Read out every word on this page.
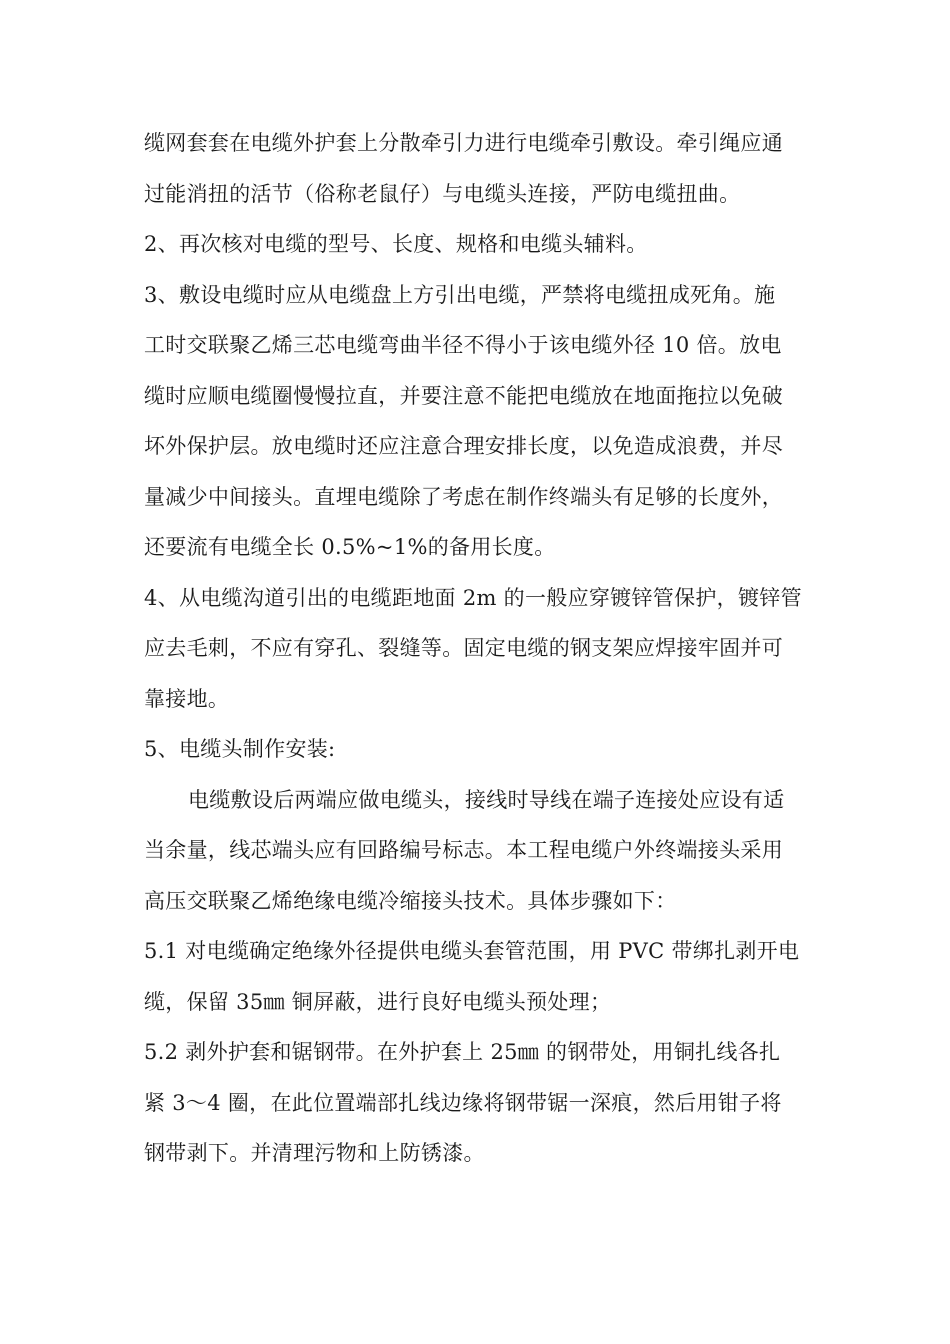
缆网套套在电缆外护套上分散牵引力进行电缆牵引敷设。牵引绳应通
过能消扭的活节（俗称老鼠仔）与电缆头连接，严防电缆扭曲。
2、再次核对电缆的型号、长度、规格和电缆头辅料。
3、敷设电缆时应从电缆盘上方引出电缆，严禁将电缆扭成死角。施
工时交联聚乙烯三芯电缆弯曲半径不得小于该电缆外径 10 倍。放电
缆时应顺电缆圈慢慢拉直，并要注意不能把电缆放在地面拖拉以免破
坏外保护层。放电缆时还应注意合理安排长度，以免造成浪费，并尽
量减少中间接头。直埋电缆除了考虑在制作终端头有足够的长度外，
还要流有电缆全长 0.5%~1%的备用长度。
4、从电缆沟道引出的电缆距地面 2m 的一般应穿镀锌管保护，镀锌管
应去毛刺，不应有穿孔、裂缝等。固定电缆的钢支架应焊接牢固并可
靠接地。
5、电缆头制作安装:
电缆敷设后两端应做电缆头，接线时导线在端子连接处应设有适
当余量，线芯端头应有回路编号标志。本工程电缆户外终端接头采用
高压交联聚乙烯绝缘电缆冷缩接头技术。具体步骤如下：
5.1 对电缆确定绝缘外径提供电缆头套管范围，用 PVC 带绑扎剥开电
缆，保留 35㎜ 铜屏蔽，进行良好电缆头预处理；
5.2 剥外护套和锯钢带。在外护套上 25㎜ 的钢带处，用铜扎线各扎
紧 3～4 圈，在此位置端部扎线边缘将钢带锯一深痕，然后用钳子将
钢带剥下。并清理污物和上防锈漆。
